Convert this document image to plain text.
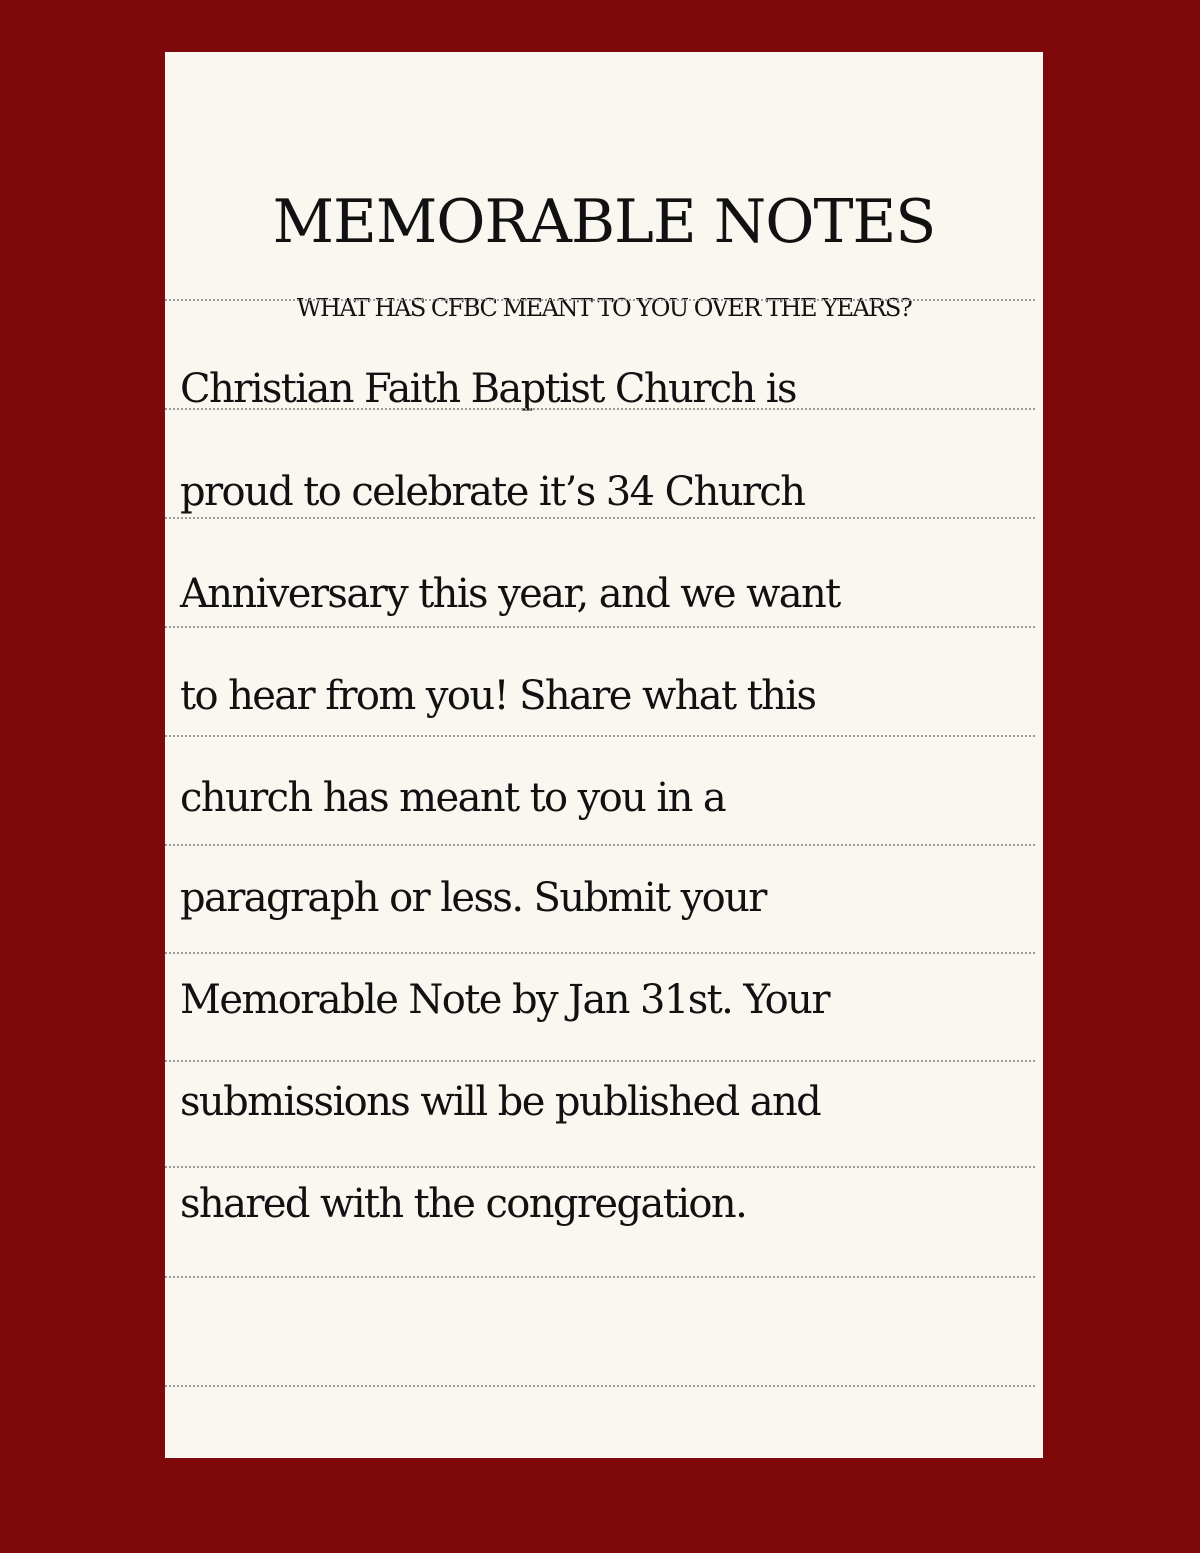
MEMORABLE NOTES

WHAT HAS CFBC MEANT TO YOU OVER THE YEARS?

Christian Faith Baptist Church is

proud to celebrate it’s 34 Church

Anniversary this year, and we want

to hear from you! Share what this

church has meant to you in a

paragraph or less. Submit your

Memorable Note by Jan 31st. Your

submissions will be published and

shared with the congregation.
